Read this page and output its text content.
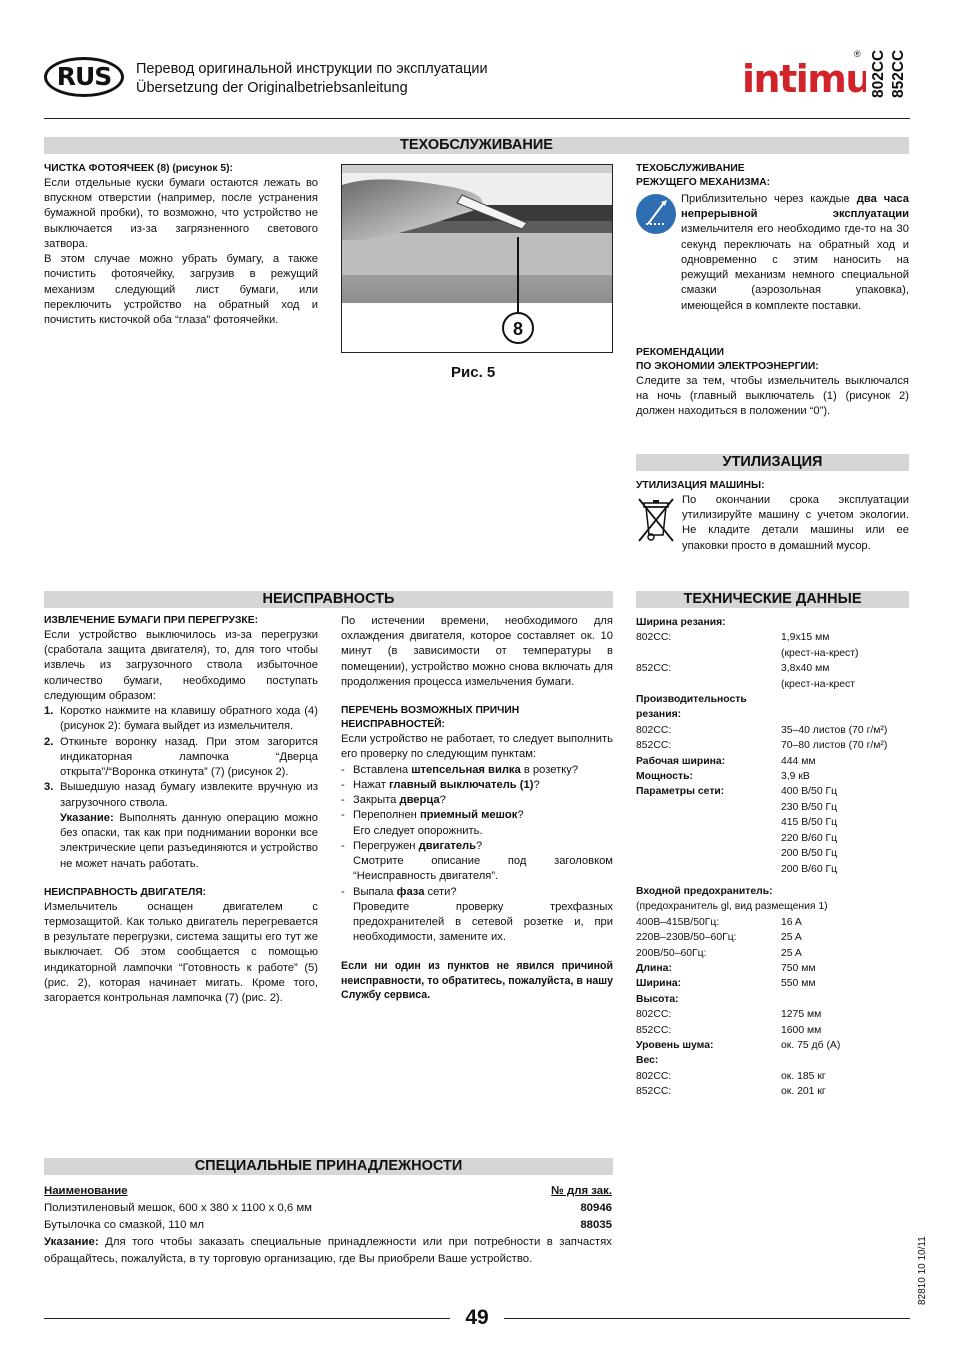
RUS	Перевод оригинальной инструкции по эксплуатации
Übersetzung der Originalbetriebsanleitung	intimu
® 802CC 852CC
ТЕХОБСЛУЖИВАНИЕ
ЧИСТКА ФОТОЯЧЕЕК (8) (рисунок 5):

Если отдельные куски бумаги остаются лежать во впускном отверстии (например, после устранения бумажной пробки), то возможно, что устройство не выключается из-за загрязненного светового затвора.

В этом случае можно убрать бумагу, а также почистить фотоячейку, загрузив в режущий механизм следующий лист бумаги, или переключить устройство на обратный ход и почистить кисточкой оба “глаза” фотоячейки.	8
Рис. 5
ТЕХОБСЛУЖИВАНИЕ
РЕЖУЩЕГО МЕХАНИЗМА:

Приблизительно через каждые два часа непрерывной эксплуатации измельчителя его необходимо где-то на 30 секунд переключать на обратный ход и одновременно с этим наносить на режущий механизм немного специальной смазки (аэрозольная упаковка), имеющейся в комплекте поставки.

РЕКОМЕНДАЦИИ
ПО ЭКОНОМИИ ЭЛЕКТРОЭНЕРГИИ:

Следите за тем, чтобы измельчитель выключался на ночь (главный выключатель (1) (рисунок 2) должен находиться в положении “0”).

УТИЛИЗАЦИЯ
УТИЛИЗАЦИЯ МАШИНЫ:

По окончании срока эксплуатации утилизируйте машину с учетом экологии. Не кладите детали машины или ее упаковки просто в домашний мусор.

НЕИСПРАВНОСТЬ
ИЗВЛЕЧЕНИЕ БУМАГИ ПРИ ПЕРЕГРУЗКЕ:

Если устройство выключилось из-за перегрузки (сработала защита двигателя), то, для того чтобы извлечь из загрузочного ствола избыточное количество бумаги, необходимо поступать следующим образом:

1. Коротко нажмите на клавишу обратного хода (4) (рисунок 2): бумага выйдет из измельчителя.
2. Откиньте воронку назад. При этом загорится индикаторная лампочка “Дверца открыта”/“Воронка откинута” (7) (рисунок 2).
3. Вышедшую назад бумагу извлеките вручную из загрузочного ствола.
Указание: Выполнять данную операцию можно без опаски, так как при поднимании воронки все электрические цепи разъединяются и устройство не может начать работать.
НЕИСПРАВНОСТЬ ДВИГАТЕЛЯ:

Измельчитель оснащен двигателем с термозащитой. Как только двигатель перегревается в результате перегрузки, система защиты его тут же выключает. Об этом сообщается с помощью индикаторной лампочки “Готовность к работе” (5) (рис. 2), которая начинает мигать. Кроме того, загорается контрольная лампочка (7) (рис. 2).

По истечении времени, необходимого для охлаждения двигателя, которое составляет ок. 10 минут (в зависимости от температуры в помещении), устройство можно снова включать для продолжения процесса измельчения бумаги.

ПЕРЕЧЕНЬ ВОЗМОЖНЫХ ПРИЧИН
НЕИСПРАВНОСТЕЙ:

Если устройство не работает, то следует выполнить его проверку по следующим пунктам:

- Вставлена штепсельная вилка в розетку?
- Нажат главный выключатель (1)?
- Закрыта дверца?
- Переполнен приемный мешок?
Его следует опорожнить.
- Перегружен двигатель?
Смотрите описание под заголовком “Неисправность двигателя”.
- Выпала фаза сети?
Проведите проверку трехфазных предохранителей в сетевой розетке и, при необходимости, замените их.

Если ни один из пунктов не явился причиной неисправности, то обратитесь, пожалуйста, в нашу Службу сервиса.

ТЕХНИЧЕСКИЕ ДАННЫЕ
Ширина резания:
802CC:	1,9x15 мм
(крест-на-крест)
852CC:	3,8x40 мм
(крест-на-крест
Производительность резания:
802CC:	35–40 листов (70 г/м²)
852CC:	70–80 листов (70 г/м²)
Рабочая ширина:	444 мм
Мощность:	3,9 кВ
Параметры сети:	400 В/50 Гц
230 В/50 Гц
415 В/50 Гц
220 В/60 Гц
200 В/50 Гц
200 В/60 Гц
Входной предохранитель:
(предохранитель gl, вид размещения 1)
400В–415В/50Гц:	16 A
220В–230В/50–60Гц:	25 A
200В/50–60Гц:	25 A
Длина:	750 мм
Ширина:	550 мм
Высота:
802CC:	1275 мм
852CC:	1600 мм
Уровень шума:	ок. 75 дб (А)
Вес:
802CC:	ок. 185 кг
852CC:	ок. 201 кг
СПЕЦИАЛЬНЫЕ ПРИНАДЛЕЖНОСТИ
Наименование	№ для зак.
Полиэтиленовый мешок, 600 x 380 x 1100 x 0,6 мм	80946
Бутылочка со смазкой, 110 мл	88035

Указание: Для того чтобы заказать специальные принадлежности или при потребности в запчастях обращайтесь, пожалуйста, в ту торговую организацию, где Вы приобрели Ваше устройство.	82810 10 10/11
49
